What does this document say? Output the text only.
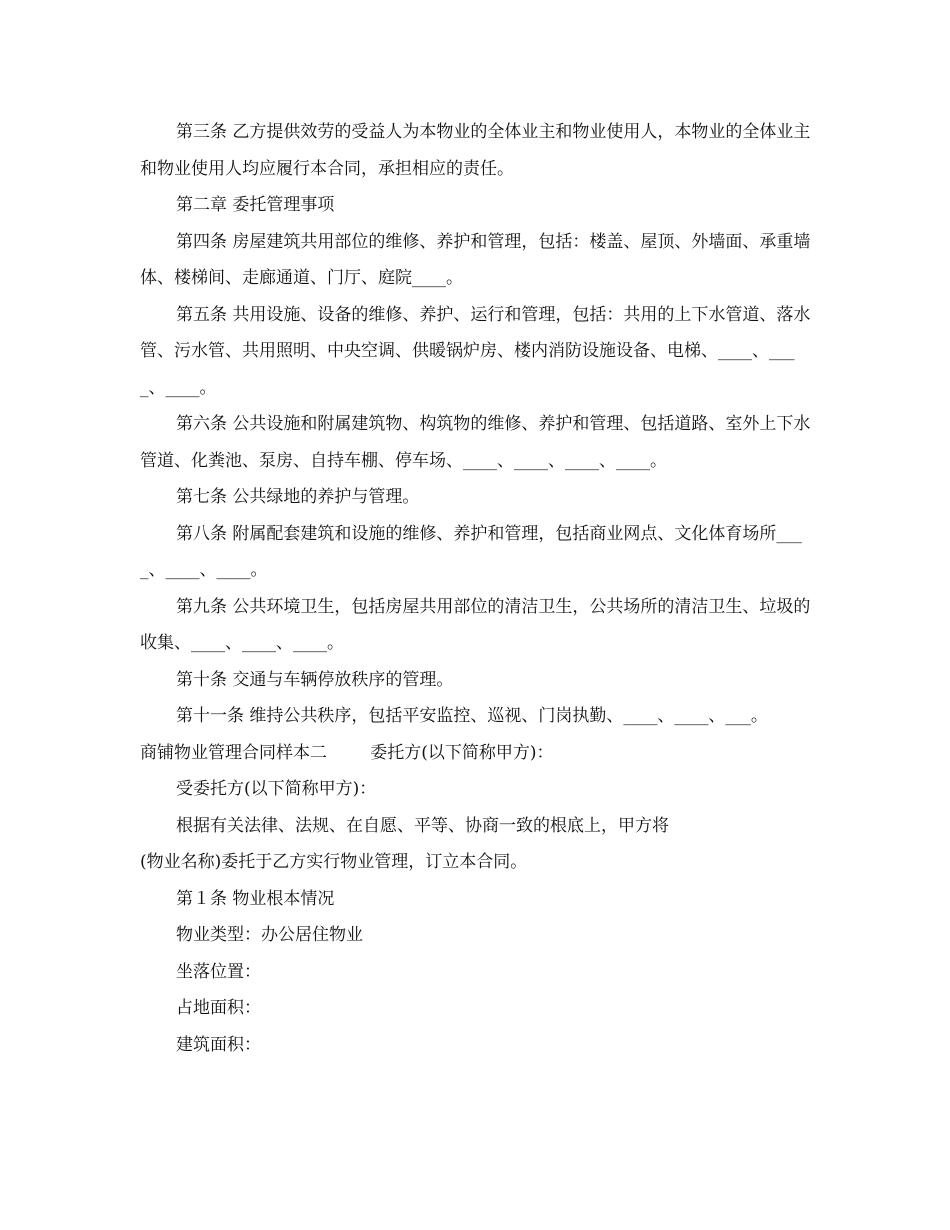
第三条 乙方提供效劳的受益人为本物业的全体业主和物业使用人，本物业的全体业主和物业使用人均应履行本合同，承担相应的责任。

第二章 委托管理事项

第四条 房屋建筑共用部位的维修、养护和管理，包括：楼盖、屋顶、外墙面、承重墙体、楼梯间、走廊通道、门厅、庭院____。

第五条 共用设施、设备的维修、养护、运行和管理，包括：共用的上下水管道、落水管、污水管、共用照明、中央空调、供暖锅炉房、楼内消防设施设备、电梯、____、____、____。

第六条 公共设施和附属建筑物、构筑物的维修、养护和管理、包括道路、室外上下水管道、化粪池、泵房、自持车棚、停车场、____、____、____、____。

第七条 公共绿地的养护与管理。

第八条 附属配套建筑和设施的维修、养护和管理，包括商业网点、文化体育场所____、____、____。

第九条 公共环境卫生，包括房屋共用部位的清洁卫生，公共场所的清洁卫生、垃圾的收集、____、____、____。

第十条 交通与车辆停放秩序的管理。

第十一条 维持公共秩序，包括平安监控、巡视、门岗执勤、____、____、___。

商铺物业管理合同样本二        委托方(以下简称甲方)：

受委托方(以下简称甲方)：

根据有关法律、法规、在自愿、平等、协商一致的根底上，甲方将

(物业名称)委托于乙方实行物业管理，订立本合同。

第１条 物业根本情况

物业类型：办公居住物业

坐落位置：

占地面积：

建筑面积：
